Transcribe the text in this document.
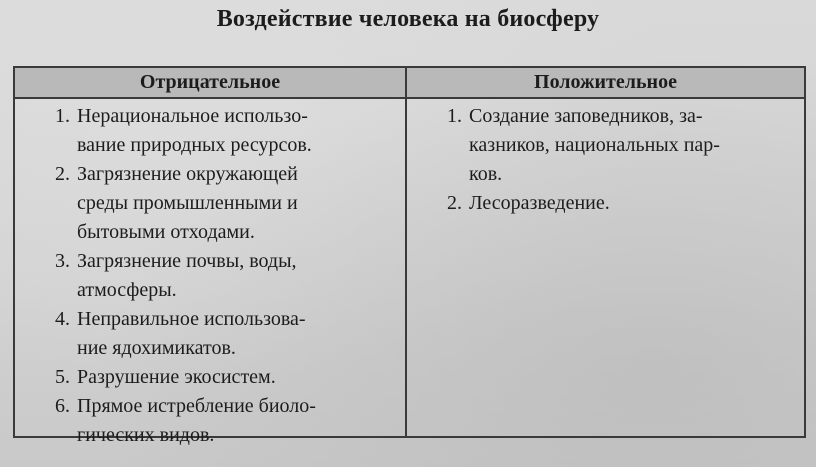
Воздействие человека на биосферу
Отрицательное	Положительное
1. Нерациональное использо-
вание природных ресурсов.
2. Загрязнение окружающей
среды промышленными и
бытовыми отходами.
3. Загрязнение почвы, воды,
атмосферы.
4. Неправильное использова-
ние ядохимикатов.
5. Разрушение экосистем.
6. Прямое истребление биоло-
гических видов.
1. Создание заповедников, за-
казников, национальных пар-
ков.
2. Лесоразведение.
